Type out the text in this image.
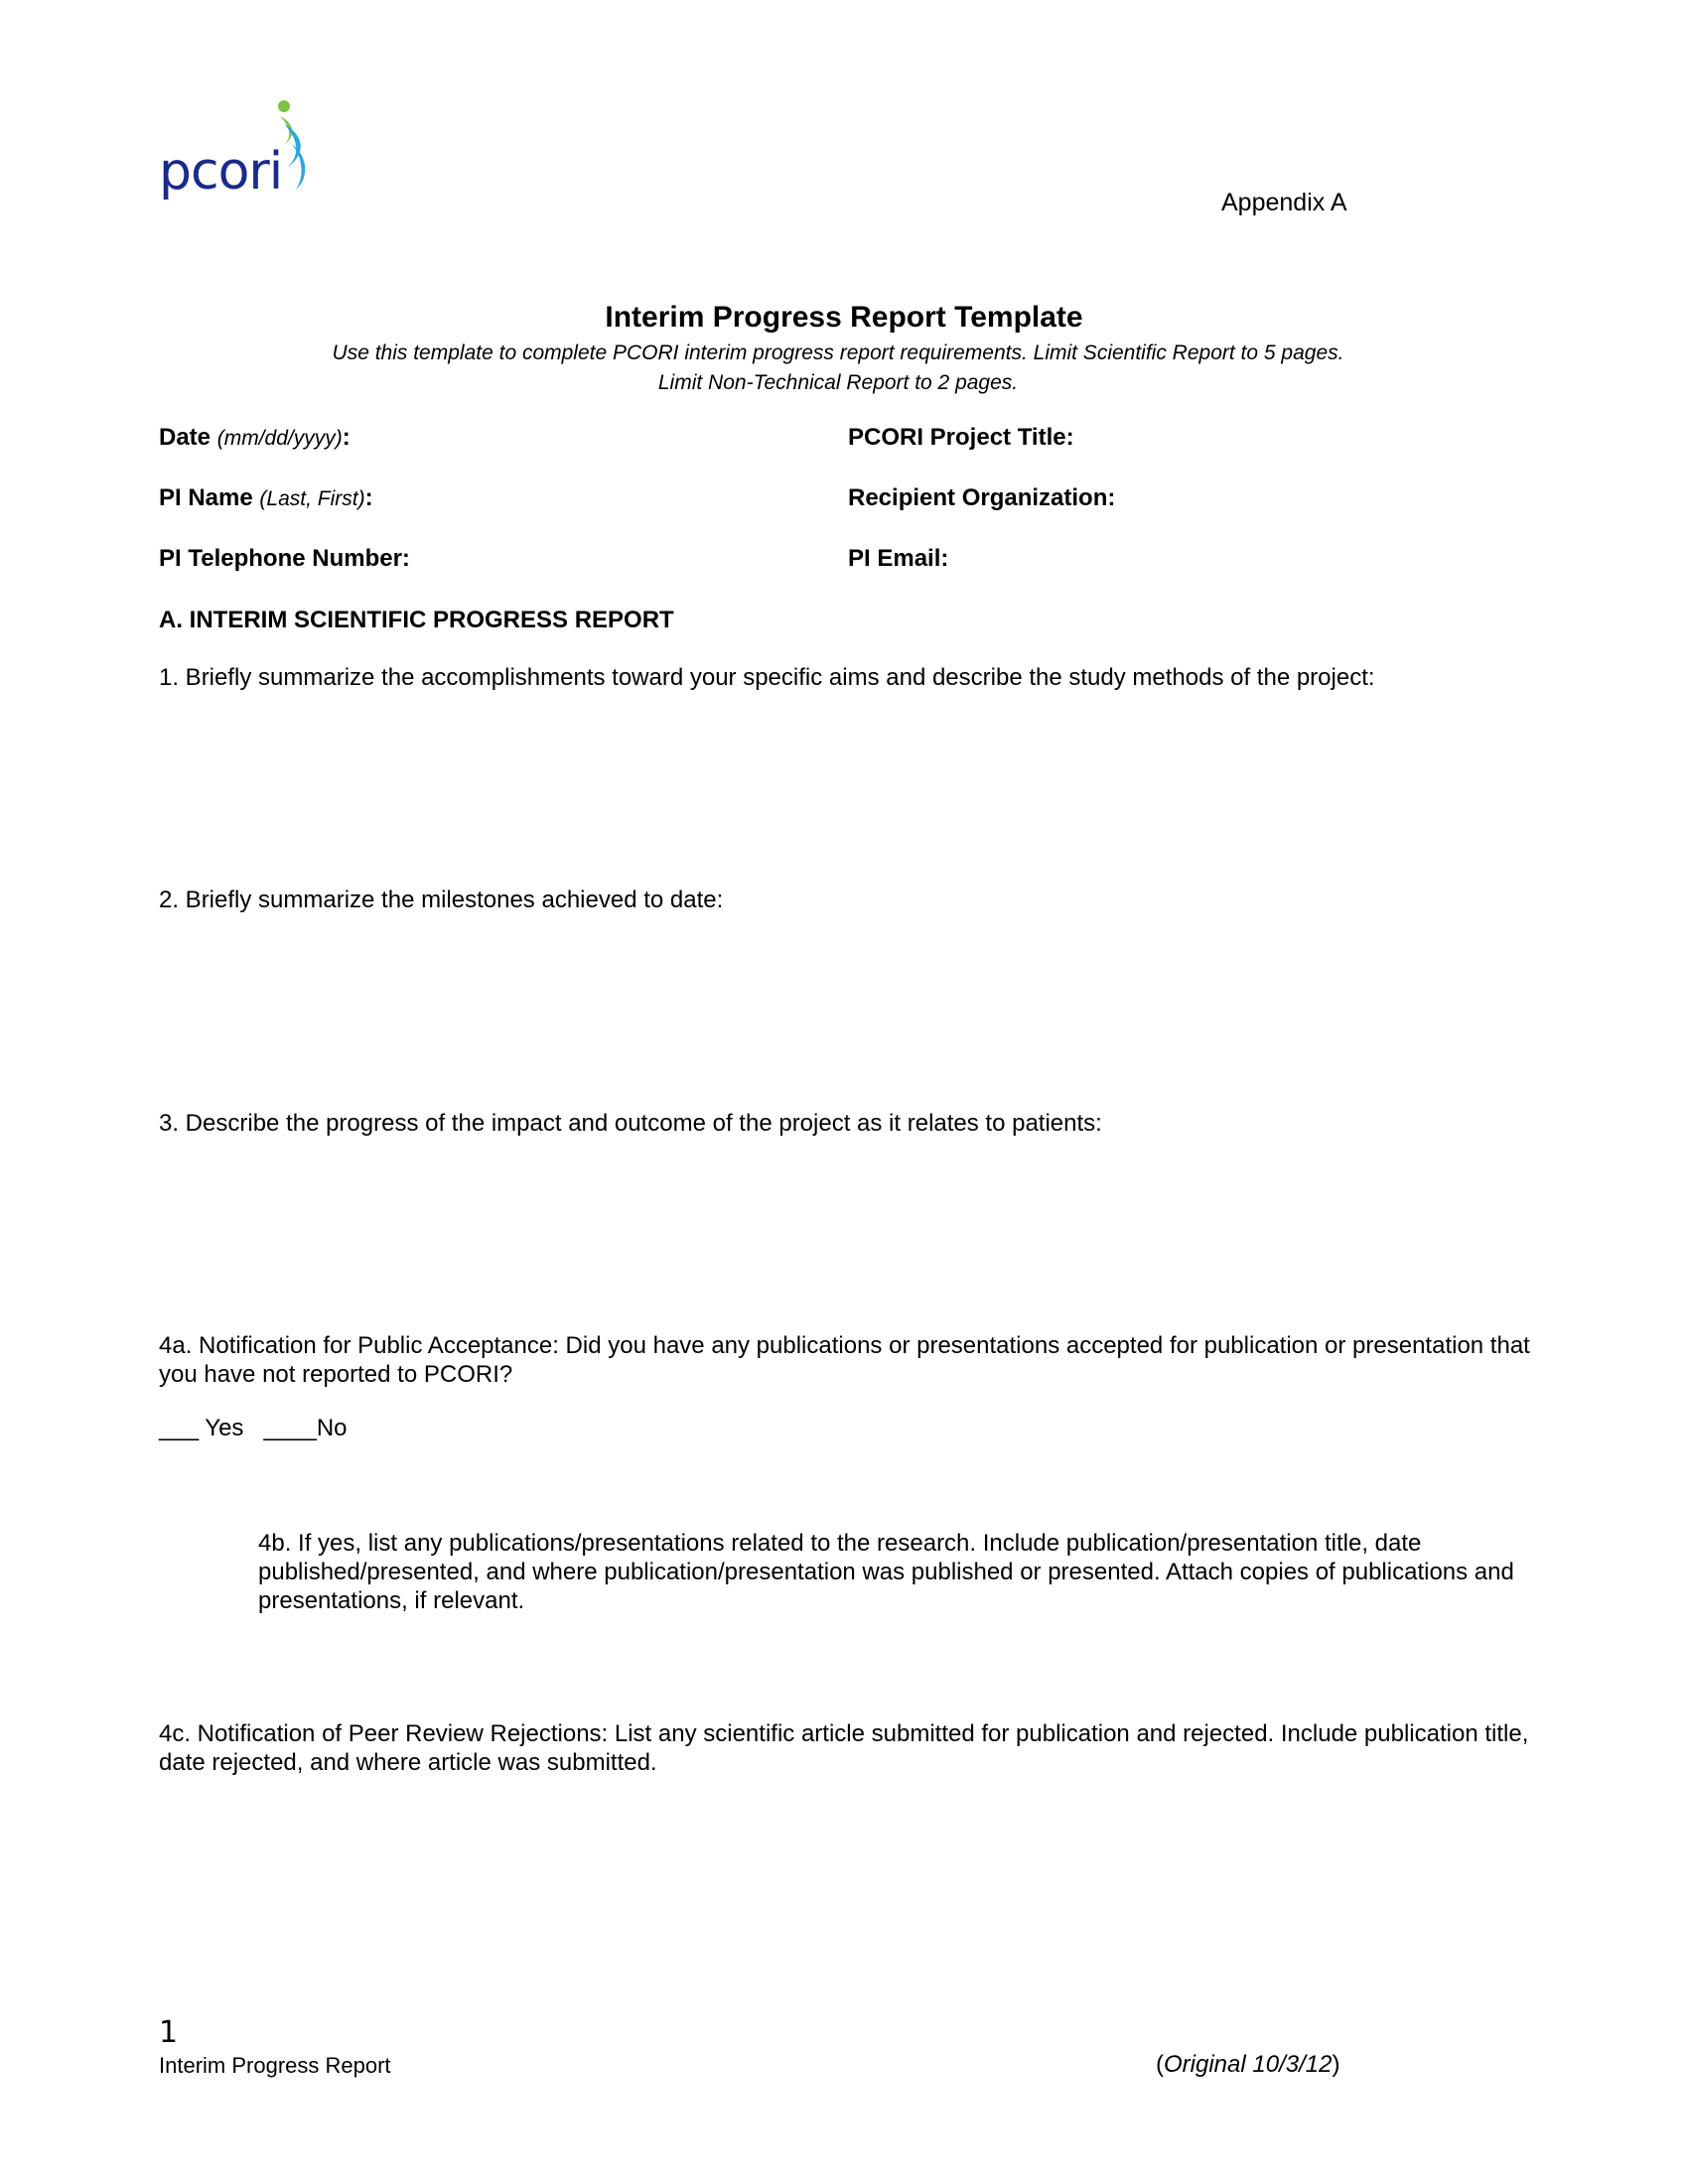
pcori
Appendix A
Interim Progress Report Template
Use this template to complete PCORI interim progress report requirements. Limit Scientific Report to 5 pages.
Limit Non-Technical Report to 2 pages.
Date (mm/dd/yyyy):	PCORI Project Title:
PI Name (Last, First):	Recipient Organization:
PI Telephone Number:	PI Email:
A. INTERIM SCIENTIFIC PROGRESS REPORT
1. Briefly summarize the accomplishments toward your specific aims and describe the study methods of the project:
2. Briefly summarize the milestones achieved to date:
3. Describe the progress of the impact and outcome of the project as it relates to patients:
4a. Notification for Public Acceptance: Did you have any publications or presentations accepted for publication or presentation that you have not reported to PCORI?
___ Yes ____No
4b. If yes, list any publications/presentations related to the research. Include publication/presentation title, date published/presented, and where publication/presentation was published or presented. Attach copies of publications and presentations, if relevant.
4c. Notification of Peer Review Rejections: List any scientific article submitted for publication and rejected. Include publication title, date rejected, and where article was submitted.
1
Interim Progress Report	(Original 10/3/12)
